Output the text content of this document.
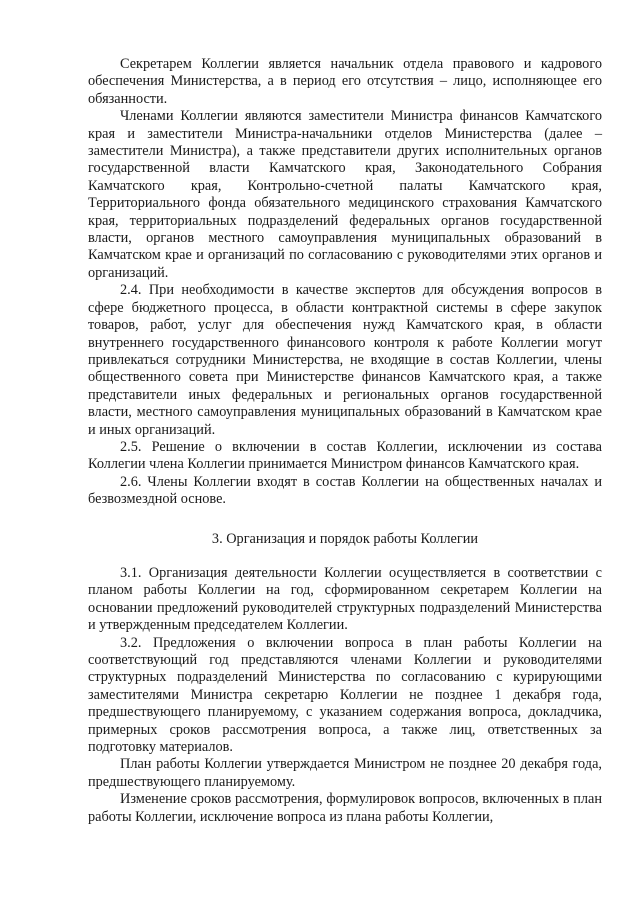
Секретарем Коллегии является начальник отдела правового и кадрового обеспечения Министерства, а в период его отсутствия – лицо, исполняющее его обязанности.

Членами Коллегии являются заместители Министра финансов Камчатского края и заместители Министра-начальники отделов Министерства (далее – заместители Министра), а также представители других исполнительных органов государственной власти Камчатского края, Законодательного Собрания Камчатского края, Контрольно-счетной палаты Камчатского края, Территориального фонда обязательного медицинского страхования Камчатского края, территориальных подразделений федеральных органов государственной власти, органов местного самоуправления муниципальных образований в Камчатском крае и организаций по согласованию с руководителями этих органов и организаций.

2.4. При необходимости в качестве экспертов для обсуждения вопросов в сфере бюджетного процесса, в области контрактной системы в сфере закупок товаров, работ, услуг для обеспечения нужд Камчатского края, в области внутреннего государственного финансового контроля к работе Коллегии могут привлекаться сотрудники Министерства, не входящие в состав Коллегии, члены общественного совета при Министерстве финансов Камчатского края, а также представители иных федеральных и региональных органов государственной власти, местного самоуправления муниципальных образований в Камчатском крае и иных организаций.

2.5. Решение о включении в состав Коллегии, исключении из состава Коллегии члена Коллегии принимается Министром финансов Камчатского края.

2.6. Члены Коллегии входят в состав Коллегии на общественных началах и безвозмездной основе.

3. Организация и порядок работы Коллегии

3.1. Организация деятельности Коллегии осуществляется в соответствии с планом работы Коллегии на год, сформированном секретарем Коллегии на основании предложений руководителей структурных подразделений Министерства и утвержденным председателем Коллегии.

3.2. Предложения о включении вопроса в план работы Коллегии на соответствующий год представляются членами Коллегии и руководителями структурных подразделений Министерства по согласованию с курирующими заместителями Министра секретарю Коллегии не позднее 1 декабря года, предшествующего планируемому, с указанием содержания вопроса, докладчика, примерных сроков рассмотрения вопроса, а также лиц, ответственных за подготовку материалов.

План работы Коллегии утверждается Министром не позднее 20 декабря года, предшествующего планируемому.

Изменение сроков рассмотрения, формулировок вопросов, включенных в план работы Коллегии, исключение вопроса из плана работы Коллегии,
